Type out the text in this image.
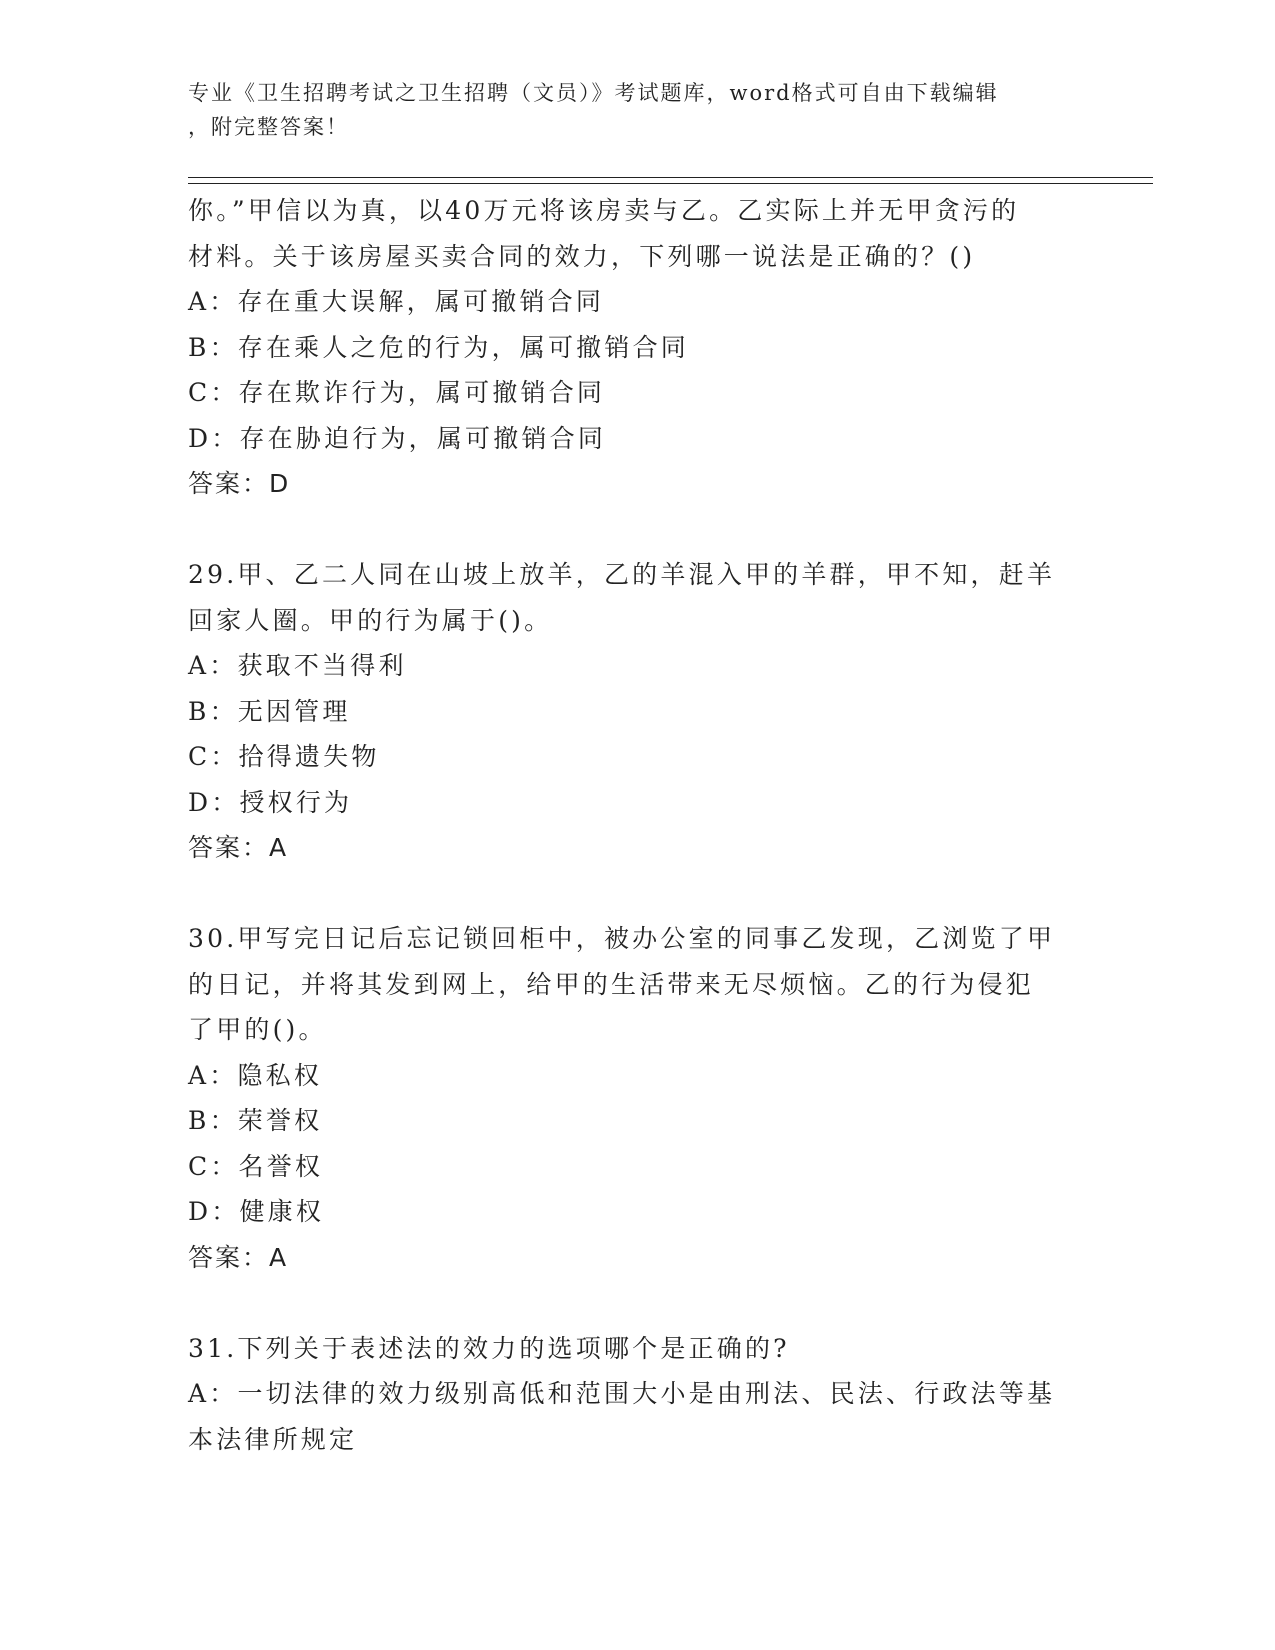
专业《卫生招聘考试之卫生招聘（文员）》考试题库，word格式可自由下载编辑
，附完整答案！
你。”甲信以为真，以40万元将该房卖与乙。乙实际上并无甲贪污的
材料。关于该房屋买卖合同的效力，下列哪一说法是正确的？()
A：存在重大误解，属可撤销合同
B：存在乘人之危的行为，属可撤销合同
C：存在欺诈行为，属可撤销合同
D：存在胁迫行为，属可撤销合同
答案：D
29.甲、乙二人同在山坡上放羊，乙的羊混入甲的羊群，甲不知，赶羊
回家人圈。甲的行为属于()。
A：获取不当得利
B：无因管理
C：拾得遗失物
D：授权行为
答案：A
30.甲写完日记后忘记锁回柜中，被办公室的同事乙发现，乙浏览了甲
的日记，并将其发到网上，给甲的生活带来无尽烦恼。乙的行为侵犯
了甲的()。
A：隐私权
B：荣誉权
C：名誉权
D：健康权
答案：A
31.下列关于表述法的效力的选项哪个是正确的?
A：一切法律的效力级别高低和范围大小是由刑法、民法、行政法等基
本法律所规定
